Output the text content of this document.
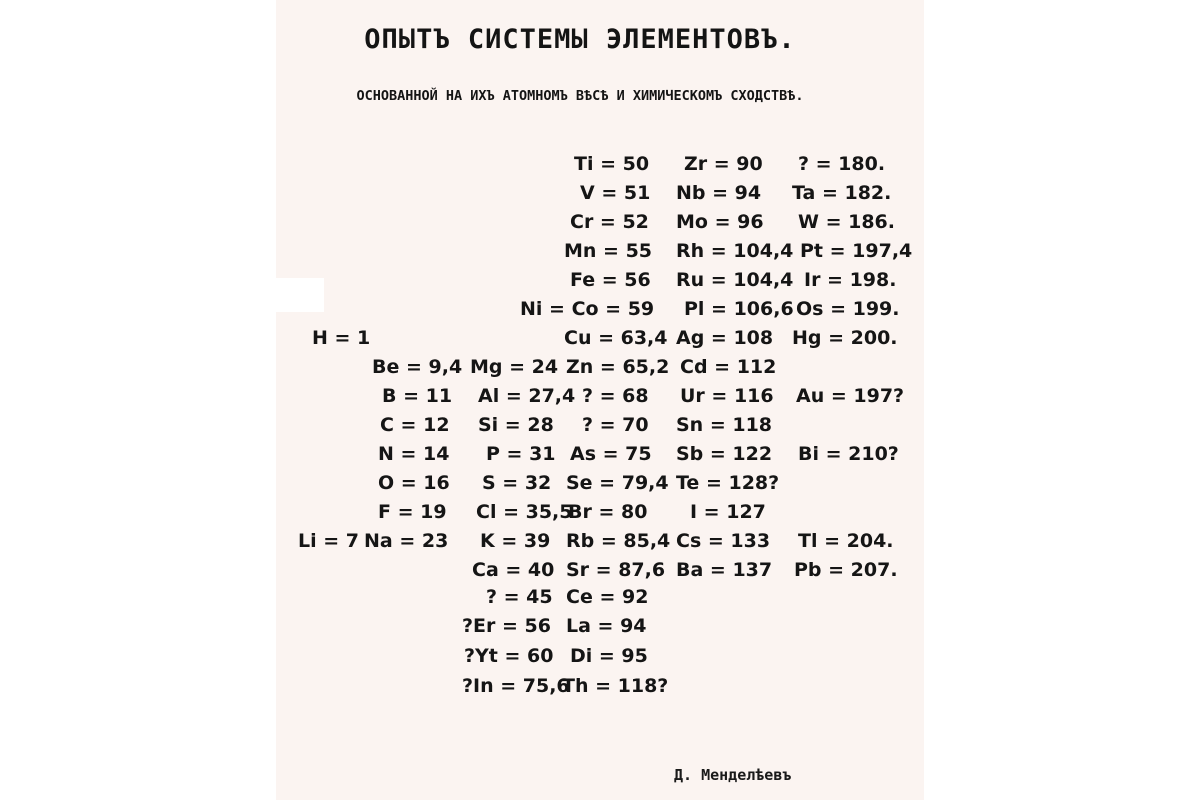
ОПЫТЪ СИСТЕМЫ ЭЛЕМЕНТОВЪ.
ОСНОВАННОЙ НА ИХЪ АТОМНОМЪ ВѢСѢ И ХИМИЧЕСКОМЪ СХОДСТВѢ.
Ti = 50 Zr = 90 ? = 180.
V = 51 Nb = 94 Ta = 182.
Cr = 52 Mo = 96 W = 186.
Mn = 55 Rh = 104,4 Pt = 197,4
Fe = 56 Ru = 104,4 Ir = 198.
Ni = Co = 59 Pl = 106,6 Os = 199.
H = 1	Cu = 63,4 Ag = 108 Hg = 200.
Be = 9,4 Mg = 24 Zn = 65,2 Cd = 112
B = 11 Al = 27,4 ? = 68 Ur = 116 Au = 197?
C = 12 Si = 28 ? = 70 Sn = 118
N = 14 P = 31 As = 75 Sb = 122 Bi = 210?
O = 16 S = 32 Se = 79,4 Te = 128?
F = 19 Cl = 35,5
Br = 80 I = 127
Li = 7 Na = 23 K = 39 Rb = 85,4 Cs = 133 Tl = 204.
Ca = 40 Sr = 87,6 Ba = 137 Pb = 207.
? = 45 Ce = 92
?Er = 56 La = 94
?Yt = 60 Di = 95
?In = 75,6
Th = 118?
Д. Менделѣевъ
